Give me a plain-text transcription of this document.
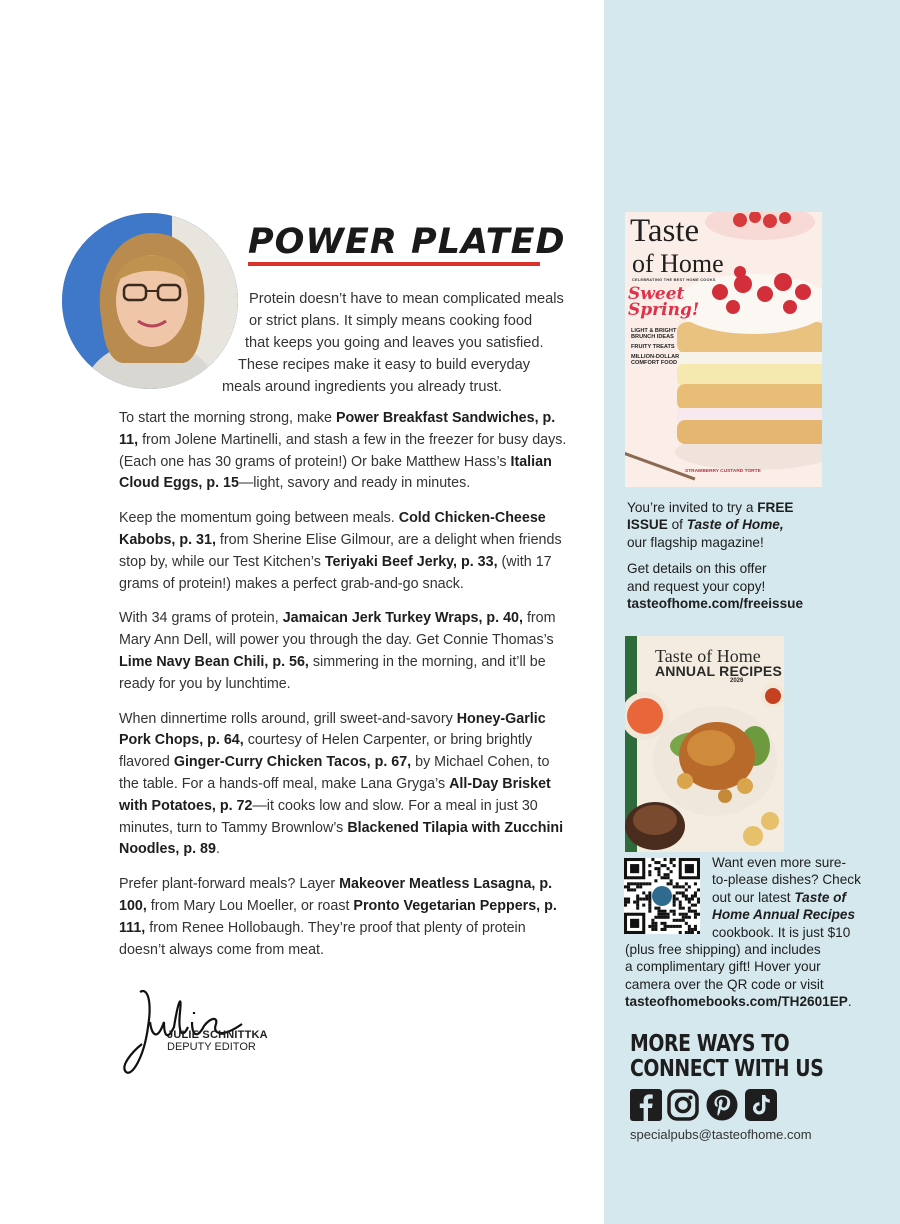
POWER PLATED
Protein doesn’t have to mean complicated meals
or strict plans. It simply means cooking food
that keeps you going and leaves you satisfied.
These recipes make it easy to build everyday
meals around ingredients you already trust.

To start the morning strong, make Power Breakfast Sandwiches, p. 11, from Jolene Martinelli, and stash a few in the freezer for busy days. (Each one has 30 grams of protein!) Or bake Matthew Hass’s Italian Cloud Eggs, p. 15—light, savory and ready in minutes.

Keep the momentum going between meals. Cold Chicken-Cheese Kabobs, p. 31, from Sherine Elise Gilmour, are a delight when friends stop by, while our Test Kitchen’s Teriyaki Beef Jerky, p. 33, (with 17 grams of protein!) makes a perfect grab-and-go snack.

With 34 grams of protein, Jamaican Jerk Turkey Wraps, p. 40, from Mary Ann Dell, will power you through the day. Get Connie Thomas’s Lime Navy Bean Chili, p. 56, simmering in the morning, and it’ll be ready for you by lunchtime.

When dinnertime rolls around, grill sweet-and-savory Honey-Garlic Pork Chops, p. 64, courtesy of Helen Carpenter, or bring brightly flavored Ginger-Curry Chicken Tacos, p. 67, by Michael Cohen, to the table. For a hands-off meal, make Lana Gryga’s All-Day Brisket with Potatoes, p. 72—it cooks low and slow. For a meal in just 30 minutes, turn to Tammy Brownlow’s Blackened Tilapia with Zucchini Noodles, p. 89.

Prefer plant-forward meals? Layer Makeover Meatless Lasagna, p. 100, from Mary Lou Moeller, or roast Pronto Vegetarian Peppers, p. 111, from Renee Hollobaugh. They’re proof that plenty of protein doesn’t always come from meat.

JULIE SCHNITTKA
DEPUTY EDITOR
Taste
of Home
CELEBRATING THE BEST HOME COOKS
Sweet
Spring!
LIGHT & BRIGHT BRUNCH IDEAS
FRUITY TREATS
MILLION-DOLLAR COMFORT FOOD
STRAWBERRY CUSTARD TORTE
You’re invited to try a FREE
ISSUE of Taste of Home,
our flagship magazine!
Get details on this offer
and request your copy!
tasteofhome.com/freeissue
Taste of Home
ANNUAL RECIPES
2026
Want even more sure-
to-please dishes? Check
out our latest Taste of
Home Annual Recipes
cookbook. It is just $10
(plus free shipping) and includes
a complimentary gift! Hover your
camera over the QR code or visit
tasteofhomebooks.com/TH2601EP.
MORE WAYS TO
CONNECT WITH US
specialpubs@tasteofhome.com
